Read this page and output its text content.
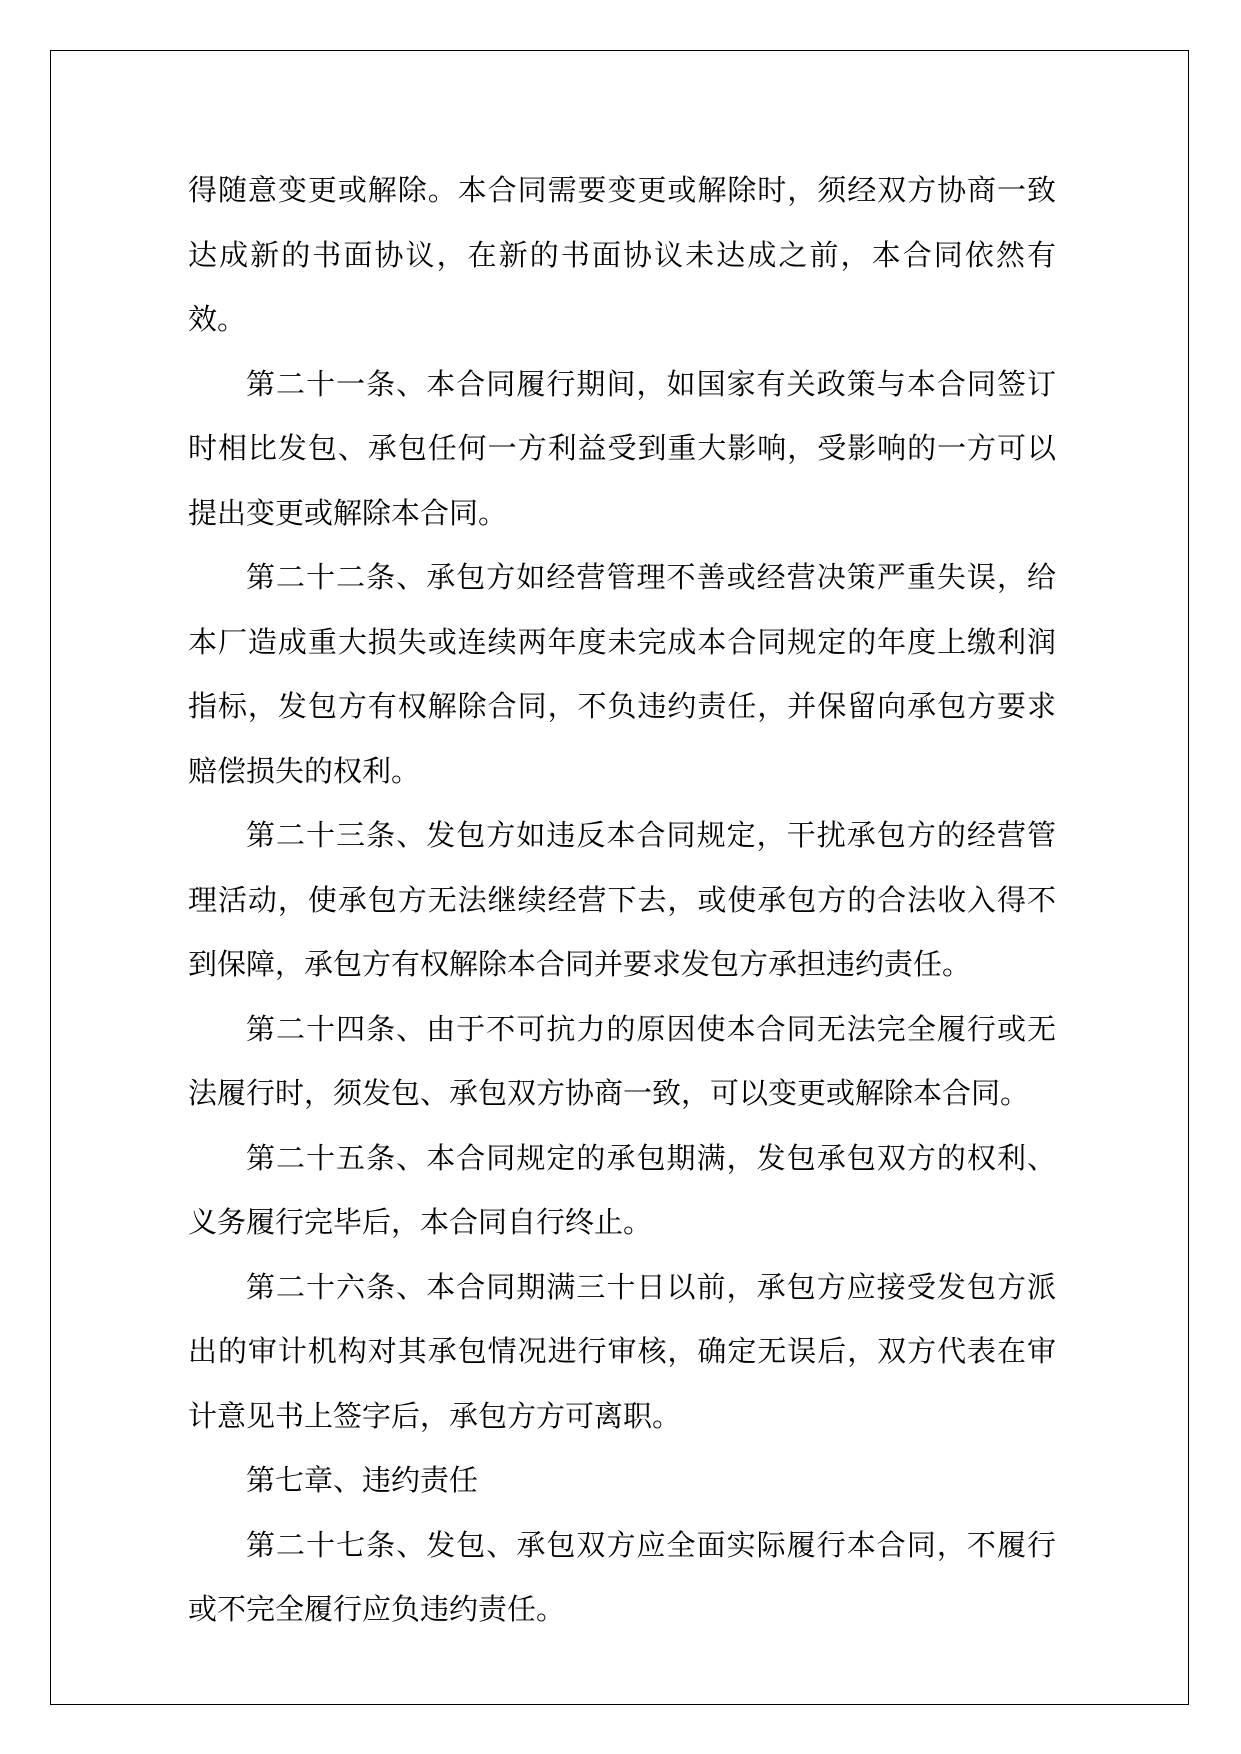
得随意变更或解除。本合同需要变更或解除时，须经双方协商一致达成新的书面协议，在新的书面协议未达成之前，本合同依然有效。

第二十一条、本合同履行期间，如国家有关政策与本合同签订时相比发包、承包任何一方利益受到重大影响，受影响的一方可以提出变更或解除本合同。

第二十二条、承包方如经营管理不善或经营决策严重失误，给本厂造成重大损失或连续两年度未完成本合同规定的年度上缴利润指标，发包方有权解除合同，不负违约责任，并保留向承包方要求赔偿损失的权利。

第二十三条、发包方如违反本合同规定，干扰承包方的经营管理活动，使承包方无法继续经营下去，或使承包方的合法收入得不到保障，承包方有权解除本合同并要求发包方承担违约责任。

第二十四条、由于不可抗力的原因使本合同无法完全履行或无法履行时，须发包、承包双方协商一致，可以变更或解除本合同。

第二十五条、本合同规定的承包期满，发包承包双方的权利、义务履行完毕后，本合同自行终止。

第二十六条、本合同期满三十日以前，承包方应接受发包方派出的审计机构对其承包情况进行审核，确定无误后，双方代表在审计意见书上签字后，承包方方可离职。

第七章、违约责任

第二十七条、发包、承包双方应全面实际履行本合同，不履行或不完全履行应负违约责任。
